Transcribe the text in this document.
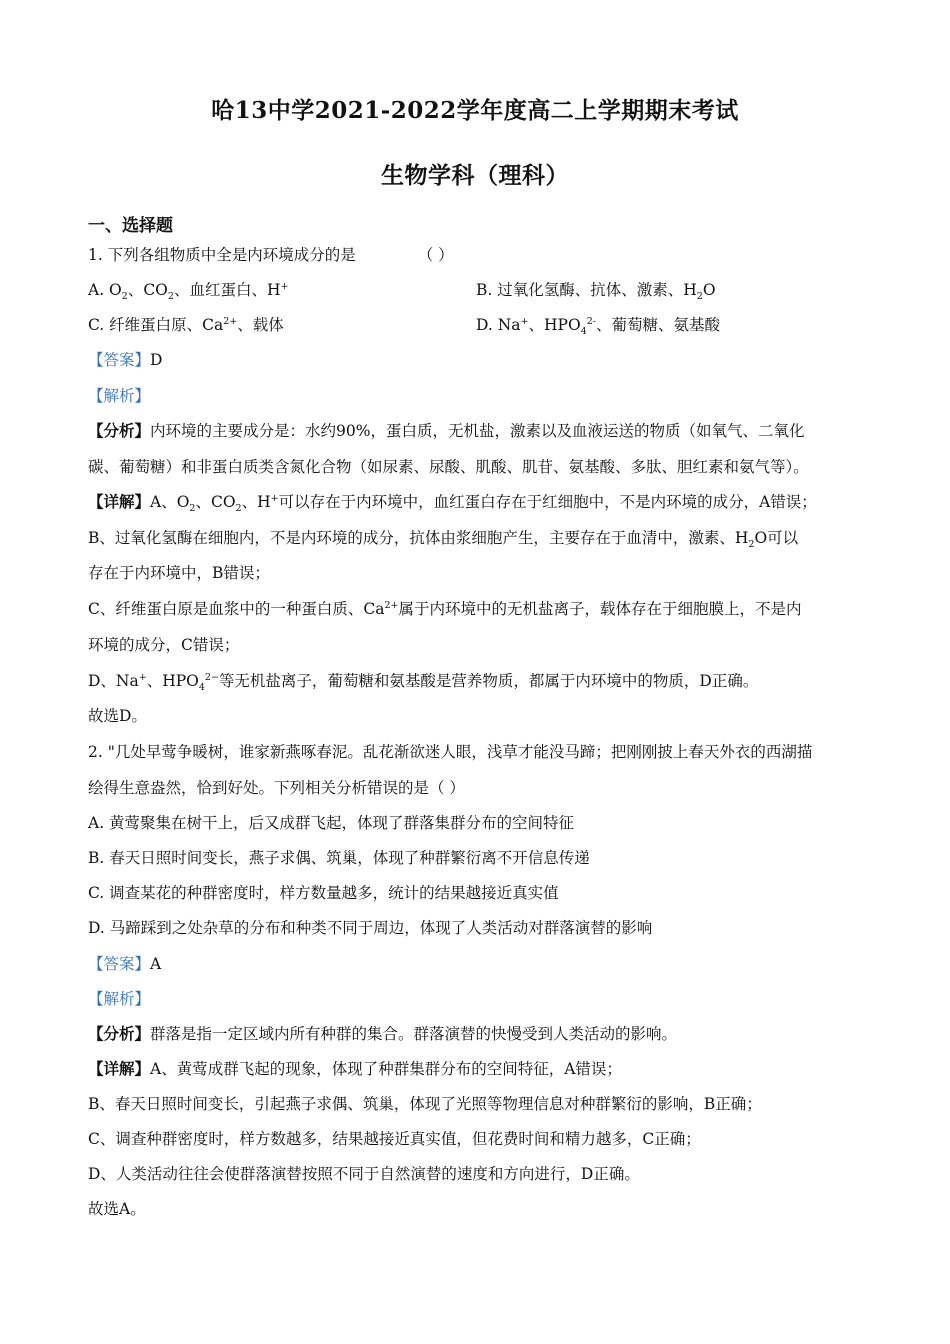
哈13中学2021-2022学年度高二上学期期末考试
生物学科（理科）
一、选择题
1. 下列各组物质中全是内环境成分的是	（ ）
A. $O_2$、$CO_2$、血红蛋白、H+	B. 过氧化氢酶、抗体、激素、$H_2O$
C. 纤维蛋白原、$Ca^{2+}$、载体	D. Na+、$HPO_4^{2-}$、葡萄糖、氨基酸
【答案】D
【解析】
【分析】内环境的主要成分是：水约90%，蛋白质，无机盐，激素以及血液运送的物质（如氧气、二氧化
碳、葡萄糖）和非蛋白质类含氮化合物（如尿素、尿酸、肌酸、肌苷、氨基酸、多肽、胆红素和氨气等）。
【详解】A、$O_2$、$CO_2$、H+可以存在于内环境中，血红蛋白存在于红细胞中，不是内环境的成分，A错误；
B、过氧化氢酶在细胞内，不是内环境的成分，抗体由浆细胞产生，主要存在于血清中，激素、$H_2O$可以
存在于内环境中，B错误；
C、纤维蛋白原是血浆中的一种蛋白质、$Ca^{2+}$属于内环境中的无机盐离子，载体存在于细胞膜上，不是内
环境的成分，C错误；
D、Na+、$HPO_4^{2-}$等无机盐离子，葡萄糖和氨基酸是营养物质，都属于内环境中的物质，D正确。
故选D。
2. "几处早莺争暖树，谁家新燕啄春泥。乱花渐欲迷人眼，浅草才能没马蹄；把刚刚披上春天外衣的西湖描
绘得生意盎然，恰到好处。下列相关分析错误的是（ ）
A. 黄莺聚集在树干上，后又成群飞起，体现了群落集群分布的空间特征
B. 春天日照时间变长，燕子求偶、筑巢，体现了种群繁衍离不开信息传递
C. 调查某花的种群密度时，样方数量越多，统计的结果越接近真实值
D. 马蹄踩到之处杂草的分布和种类不同于周边，体现了人类活动对群落演替的影响
【答案】A
【解析】
【分析】群落是指一定区域内所有种群的集合。群落演替的快慢受到人类活动的影响。
【详解】A、黄莺成群飞起的现象，体现了种群集群分布的空间特征，A错误；
B、春天日照时间变长，引起燕子求偶、筑巢，体现了光照等物理信息对种群繁衍的影响，B正确；
C、调查种群密度时，样方数越多，结果越接近真实值，但花费时间和精力越多，C正确；
D、人类活动往往会使群落演替按照不同于自然演替的速度和方向进行，D正确。
故选A。
